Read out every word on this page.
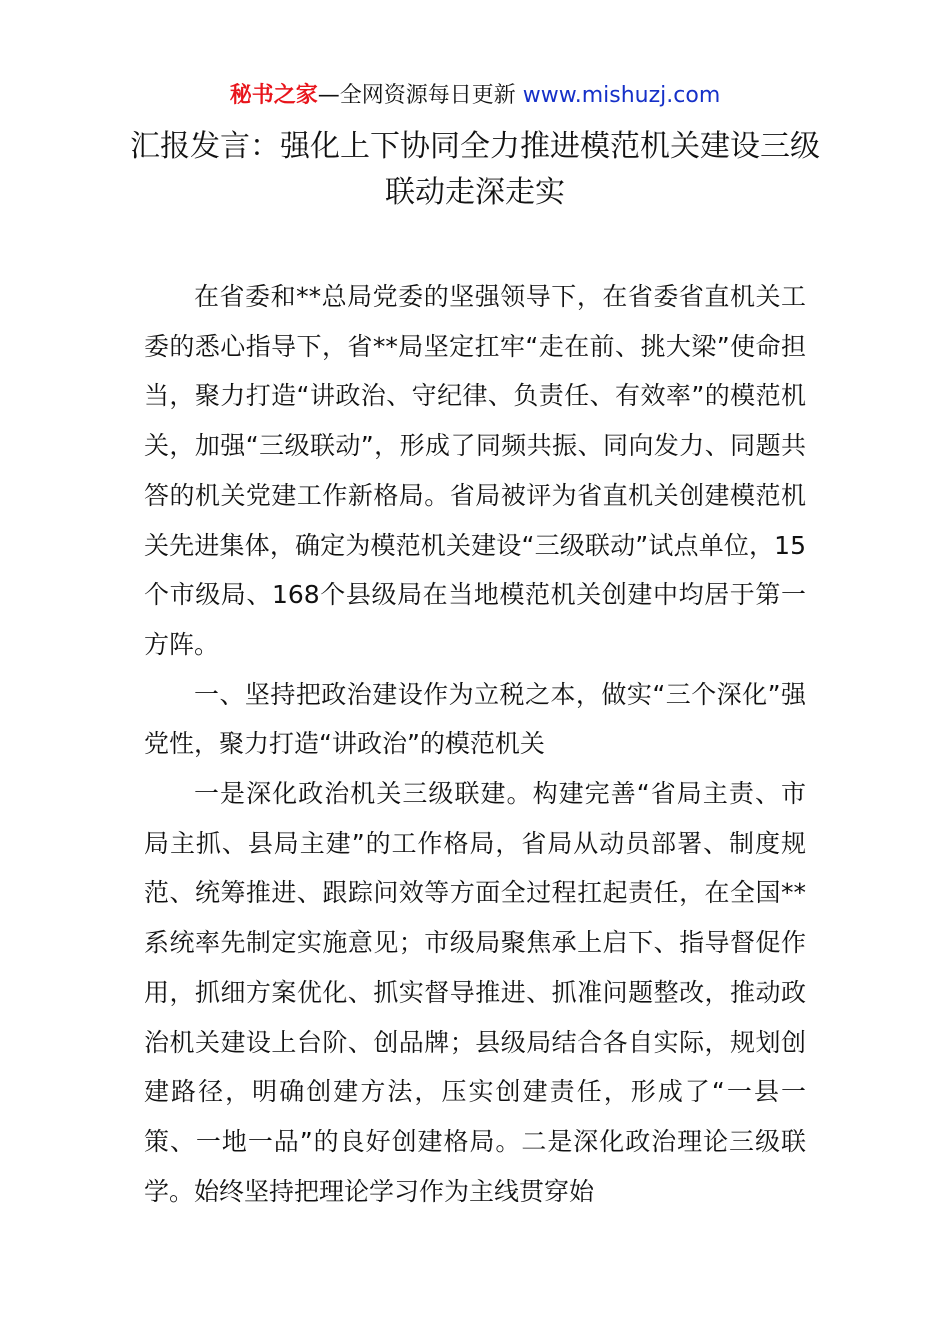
秘书之家—全网资源每日更新 www.mishuzj.com
汇报发言：强化上下协同全力推进模范机关建设三级联动走深走实

在省委和**总局党委的坚强领导下，在省委省直机关工委的悉心指导下，省**局坚定扛牢“走在前、挑大梁”使命担当，聚力打造“讲政治、守纪律、负责任、有效率”的模范机关，加强“三级联动”，形成了同频共振、同向发力、同题共答的机关党建工作新格局。省局被评为省直机关创建模范机关先进集体，确定为模范机关建设“三级联动”试点单位，15个市级局、168个县级局在当地模范机关创建中均居于第一方阵。

一、坚持把政治建设作为立税之本，做实“三个深化”强党性，聚力打造“讲政治”的模范机关

一是深化政治机关三级联建。构建完善“省局主责、市局主抓、县局主建”的工作格局，省局从动员部署、制度规范、统筹推进、跟踪问效等方面全过程扛起责任，在全国**系统率先制定实施意见；市级局聚焦承上启下、指导督促作用，抓细方案优化、抓实督导推进、抓准问题整改，推动政治机关建设上台阶、创品牌；县级局结合各自实际，规划创建路径，明确创建方法，压实创建责任，形成了“一县一策、一地一品”的良好创建格局。二是深化政治理论三级联学。始终坚持把理论学习作为主线贯穿始
